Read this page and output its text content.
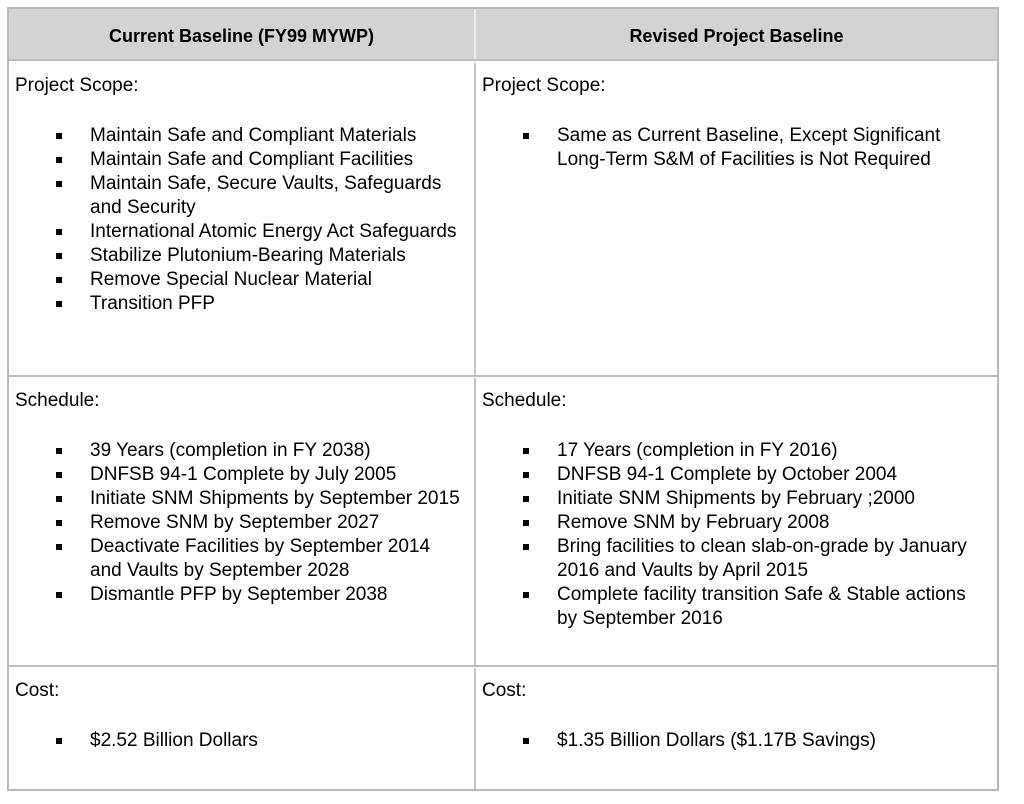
Current Baseline (FY99 MYWP)	Revised Project Baseline
Project Scope:
Maintain Safe and Compliant Materials
Maintain Safe and Compliant Facilities
Maintain Safe, Secure Vaults, Safeguards and Security
International Atomic Energy Act Safeguards
Stabilize Plutonium-Bearing Materials
Remove Special Nuclear Material
Transition PFP
Project Scope:
Same as Current Baseline, Except Significant Long-Term S&M of Facilities is Not Required
Schedule:
39 Years (completion in FY 2038)
DNFSB 94-1 Complete by July 2005
Initiate SNM Shipments by September 2015
Remove SNM by September 2027
Deactivate Facilities by September 2014 and Vaults by September 2028
Dismantle PFP by September 2038
Schedule:
17 Years (completion in FY 2016)
DNFSB 94-1 Complete by October 2004
Initiate SNM Shipments by February ;2000
Remove SNM by February 2008
Bring facilities to clean slab-on-grade by January 2016 and Vaults by April 2015
Complete facility transition Safe & Stable actions by September 2016
Cost:
$2.52 Billion Dollars
Cost:
$1.35 Billion Dollars ($1.17B Savings)
